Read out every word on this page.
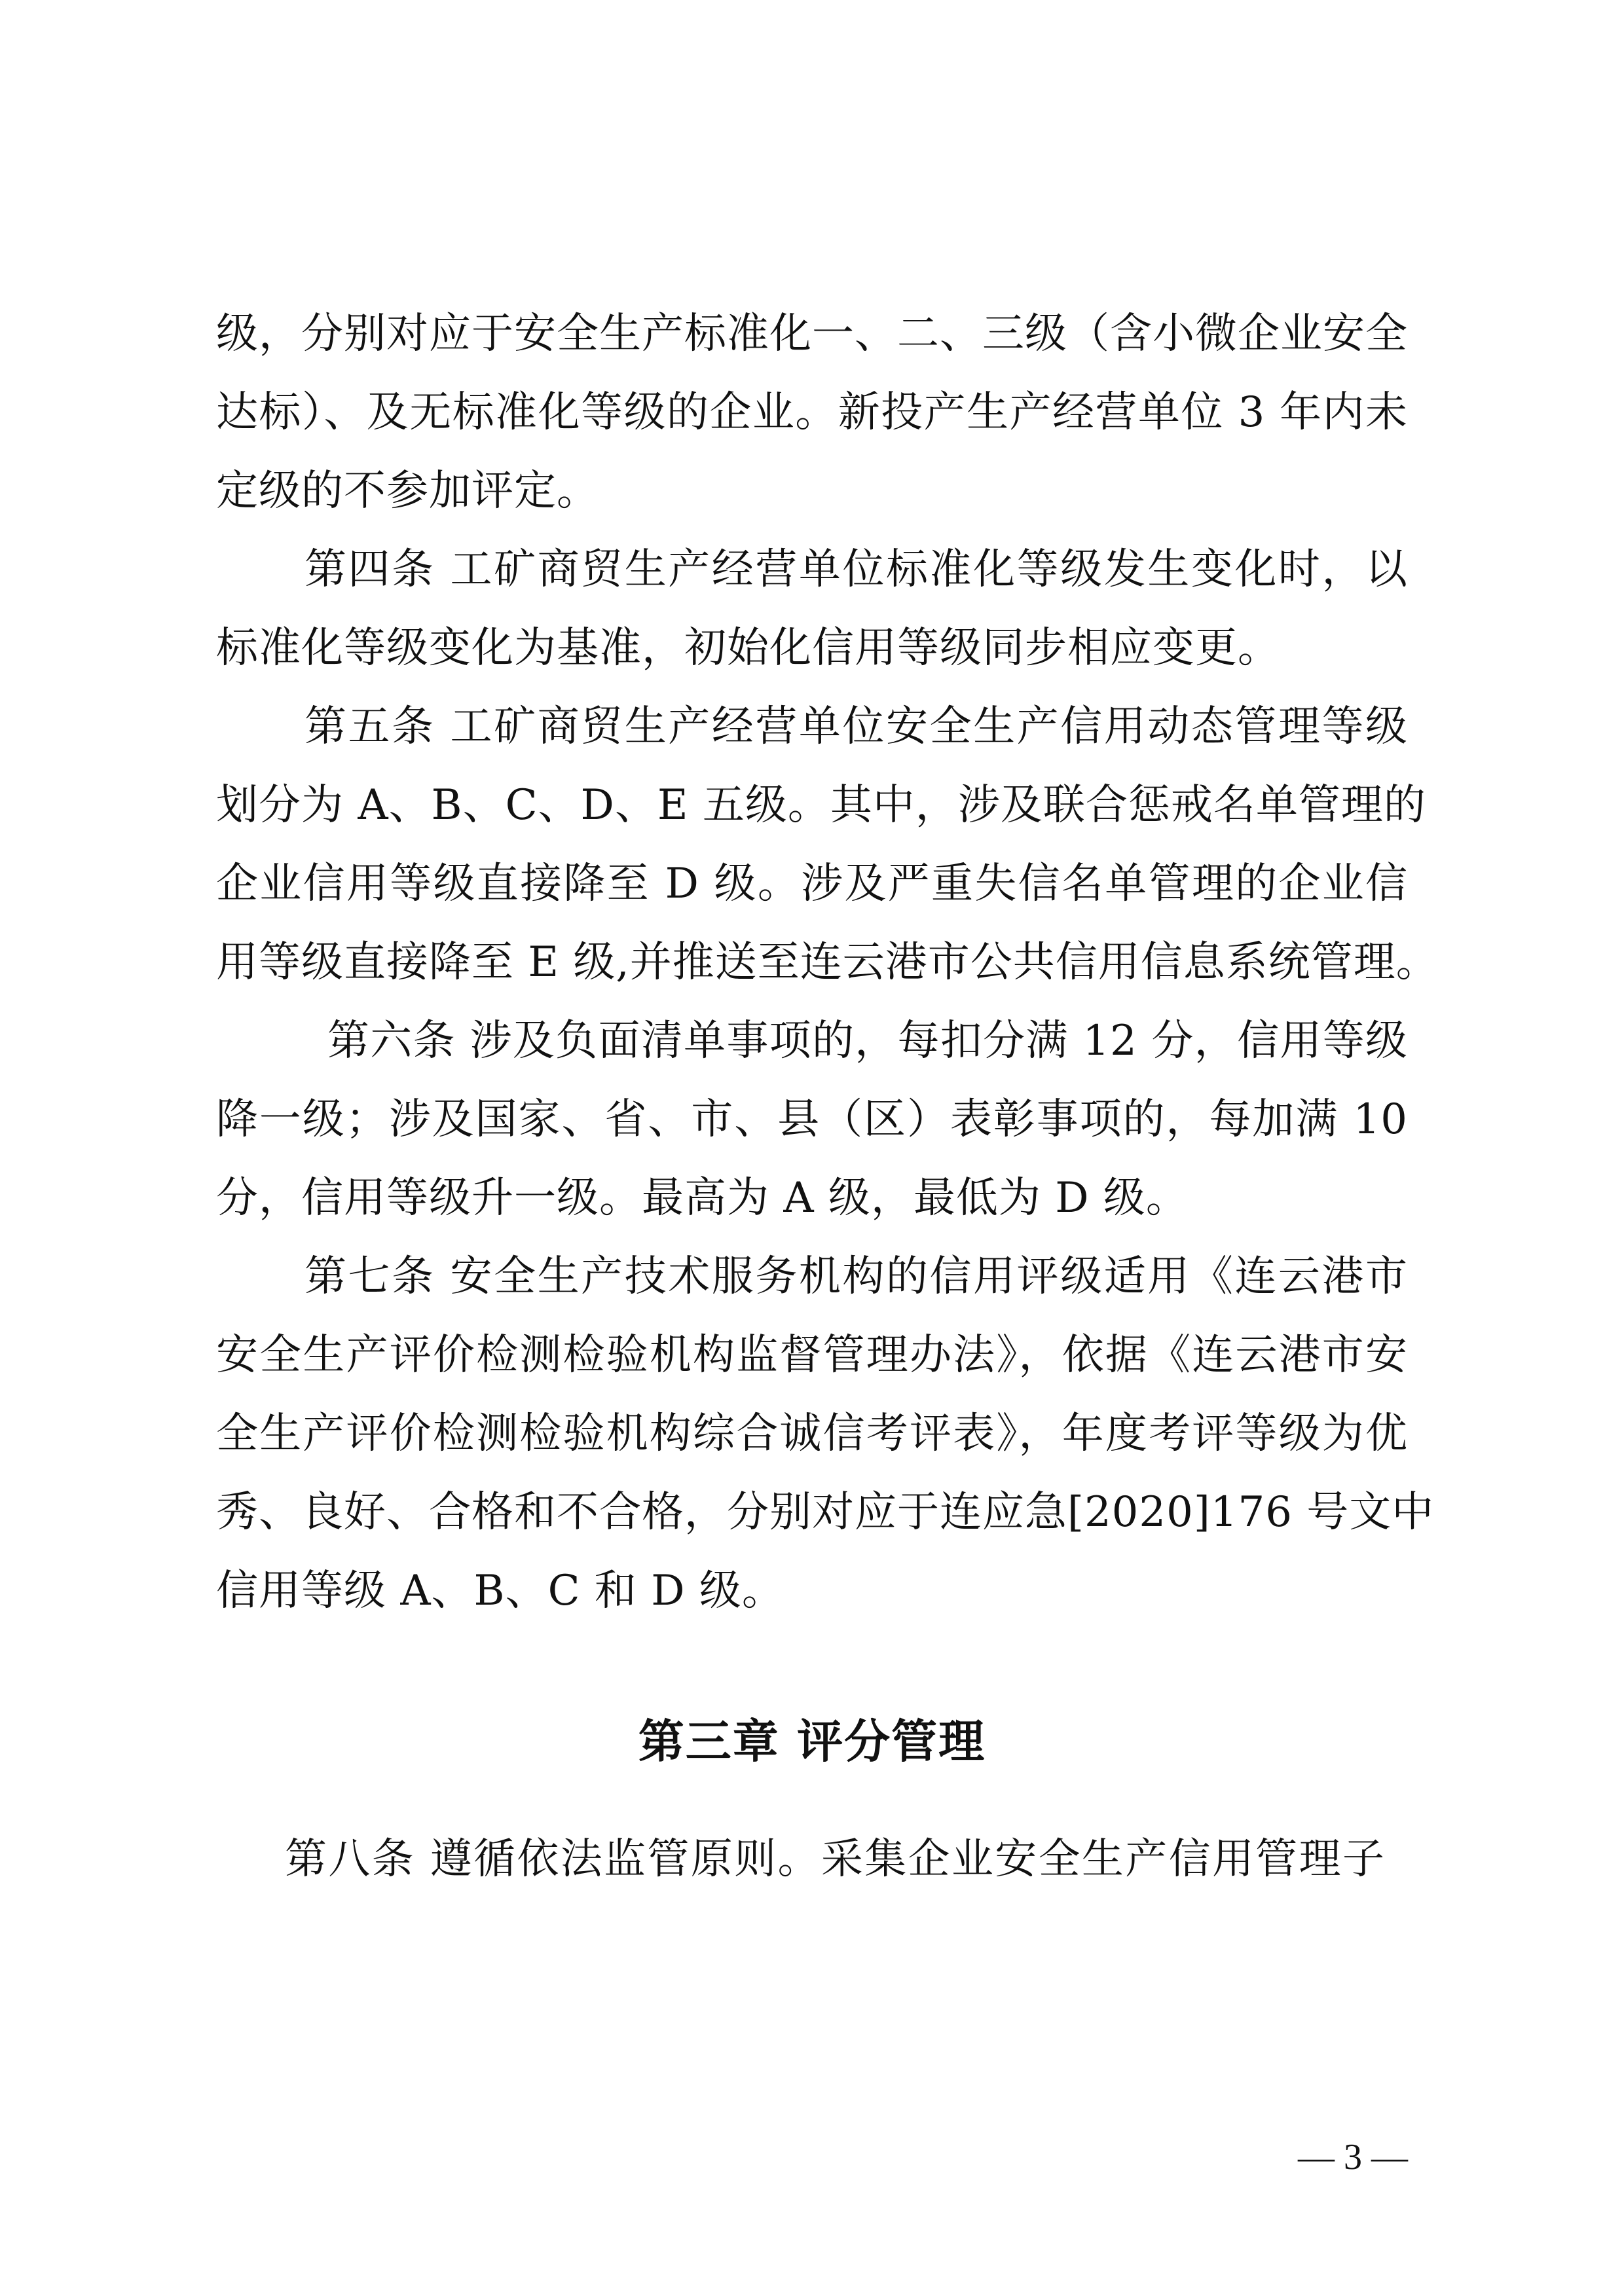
级，分别对应于安全生产标准化一、二、三级（含小微企业安全
达标）、及无标准化等级的企业。新投产生产经营单位 3 年内未
定级的不参加评定。
第四条 工矿商贸生产经营单位标准化等级发生变化时，以
标准化等级变化为基准，初始化信用等级同步相应变更。
第五条 工矿商贸生产经营单位安全生产信用动态管理等级
划分为 A、B、C、D、E 五级。其中，涉及联合惩戒名单管理的
企业信用等级直接降至 D 级。涉及严重失信名单管理的企业信
用等级直接降至 E 级,并推送至连云港市公共信用信息系统管理。
第六条 涉及负面清单事项的，每扣分满 12 分，信用等级
降一级；涉及国家、省、市、县（区）表彰事项的，每加满 10
分，信用等级升一级。最高为 A 级，最低为 D 级。
第七条 安全生产技术服务机构的信用评级适用《连云港市
安全生产评价检测检验机构监督管理办法》，依据《连云港市安
全生产评价检测检验机构综合诚信考评表》，年度考评等级为优
秀、良好、合格和不合格，分别对应于连应急[2020]176 号文中
信用等级 A、B、C 和 D 级。
第三章 评分管理
第八条 遵循依法监管原则。采集企业安全生产信用管理子
— 3 —
